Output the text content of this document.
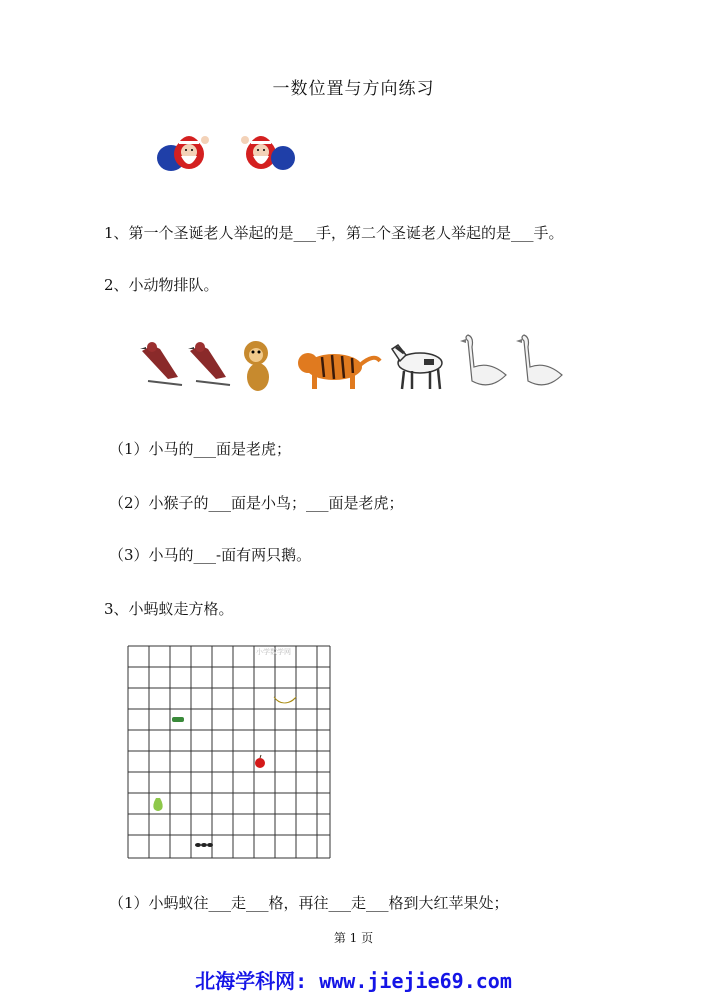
一数位置与方向练习
1、第一个圣诞老人举起的是___手，第二个圣诞老人举起的是___手。
2、小动物排队。
（1）小马的___面是老虎；
（2）小猴子的___面是小鸟；___面是老虎；
（3）小马的___-面有两只鹅。
3、小蚂蚁走方格。
小学数学网
（1）小蚂蚁往___走___格，再往___走___格到大红苹果处；
第 1 页
北海学科网: www.jiejie69.com
